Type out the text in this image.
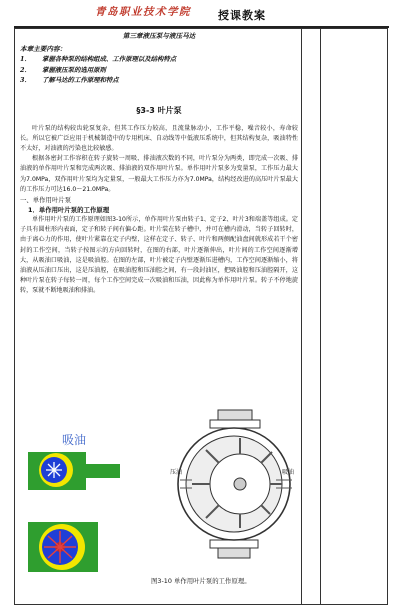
青岛职业技术学院 授课教案
第三章液压泵与液压马达
本章主要内容：
1． 掌握各种泵的结构组成、工作原理以及结构特点
2． 掌握液压泵的选用原则
3． 了解马达的工作原理和特点
§3-3 叶片泵

叶片泵的结构较齿轮泵复杂，但其工作压力较高，且流量脉动小，工作平稳，噪音较小，寿命较长。所以它被广泛应用于机械制造中的专用机床、自动线等中低液压系统中，但其结构复杂，吸油特性不太好，对油液的污染也比较敏感。

根据各密封工作容积在转子旋转一周吸、排油液次数的不同，叶片泵分为两类，即完成一次吸、排油液的单作用叶片泵和完成两次吸、排油液的双作用叶片泵。单作用叶片泵多为变量泵，工作压力最大为7.0MPa，双作用叶片泵均为定量泵，一般最大工作压力亦为7.0MPa，结构经改进的高压叶片泵最大的工作压力可达16.0～21.0MPa。

一、单作用叶片泵

1．单作用叶片泵的工作原理

单作用叶片泵的工作原理如图3-10所示，单作用叶片泵由转子1、定子2、叶片3和端盖等组成。定子具有圆柱形内表面，定子和转子间有偏心距。叶片装在转子槽中，并可在槽内滑动，当转子回转时，由于离心力的作用，使叶片紧靠在定子内壁，这样在定子、转子、叶片和两侧配油盘间就形成若干个密封的工作空间，当转子按图示的方向回转时，在图的右部，叶片逐渐伸出，叶片间的工作空间逐渐增大，从吸油口吸油，这是吸油腔。在图的左部，叶片被定子内壁逐渐压进槽内，工作空间逐渐缩小，将油液从压油口压出，这是压油腔，在吸油腔和压油腔之间，有一段封油区，把吸油腔和压油腔隔开，这种叶片泵在转子每转一周，每个工作空间完成一次吸油和压油，因此称为单作用叶片泵。转子不停地旋转，泵就不断地吸油和排油。

吸油
压油	吸油
图3-10 单作用叶片泵的工作原理。
